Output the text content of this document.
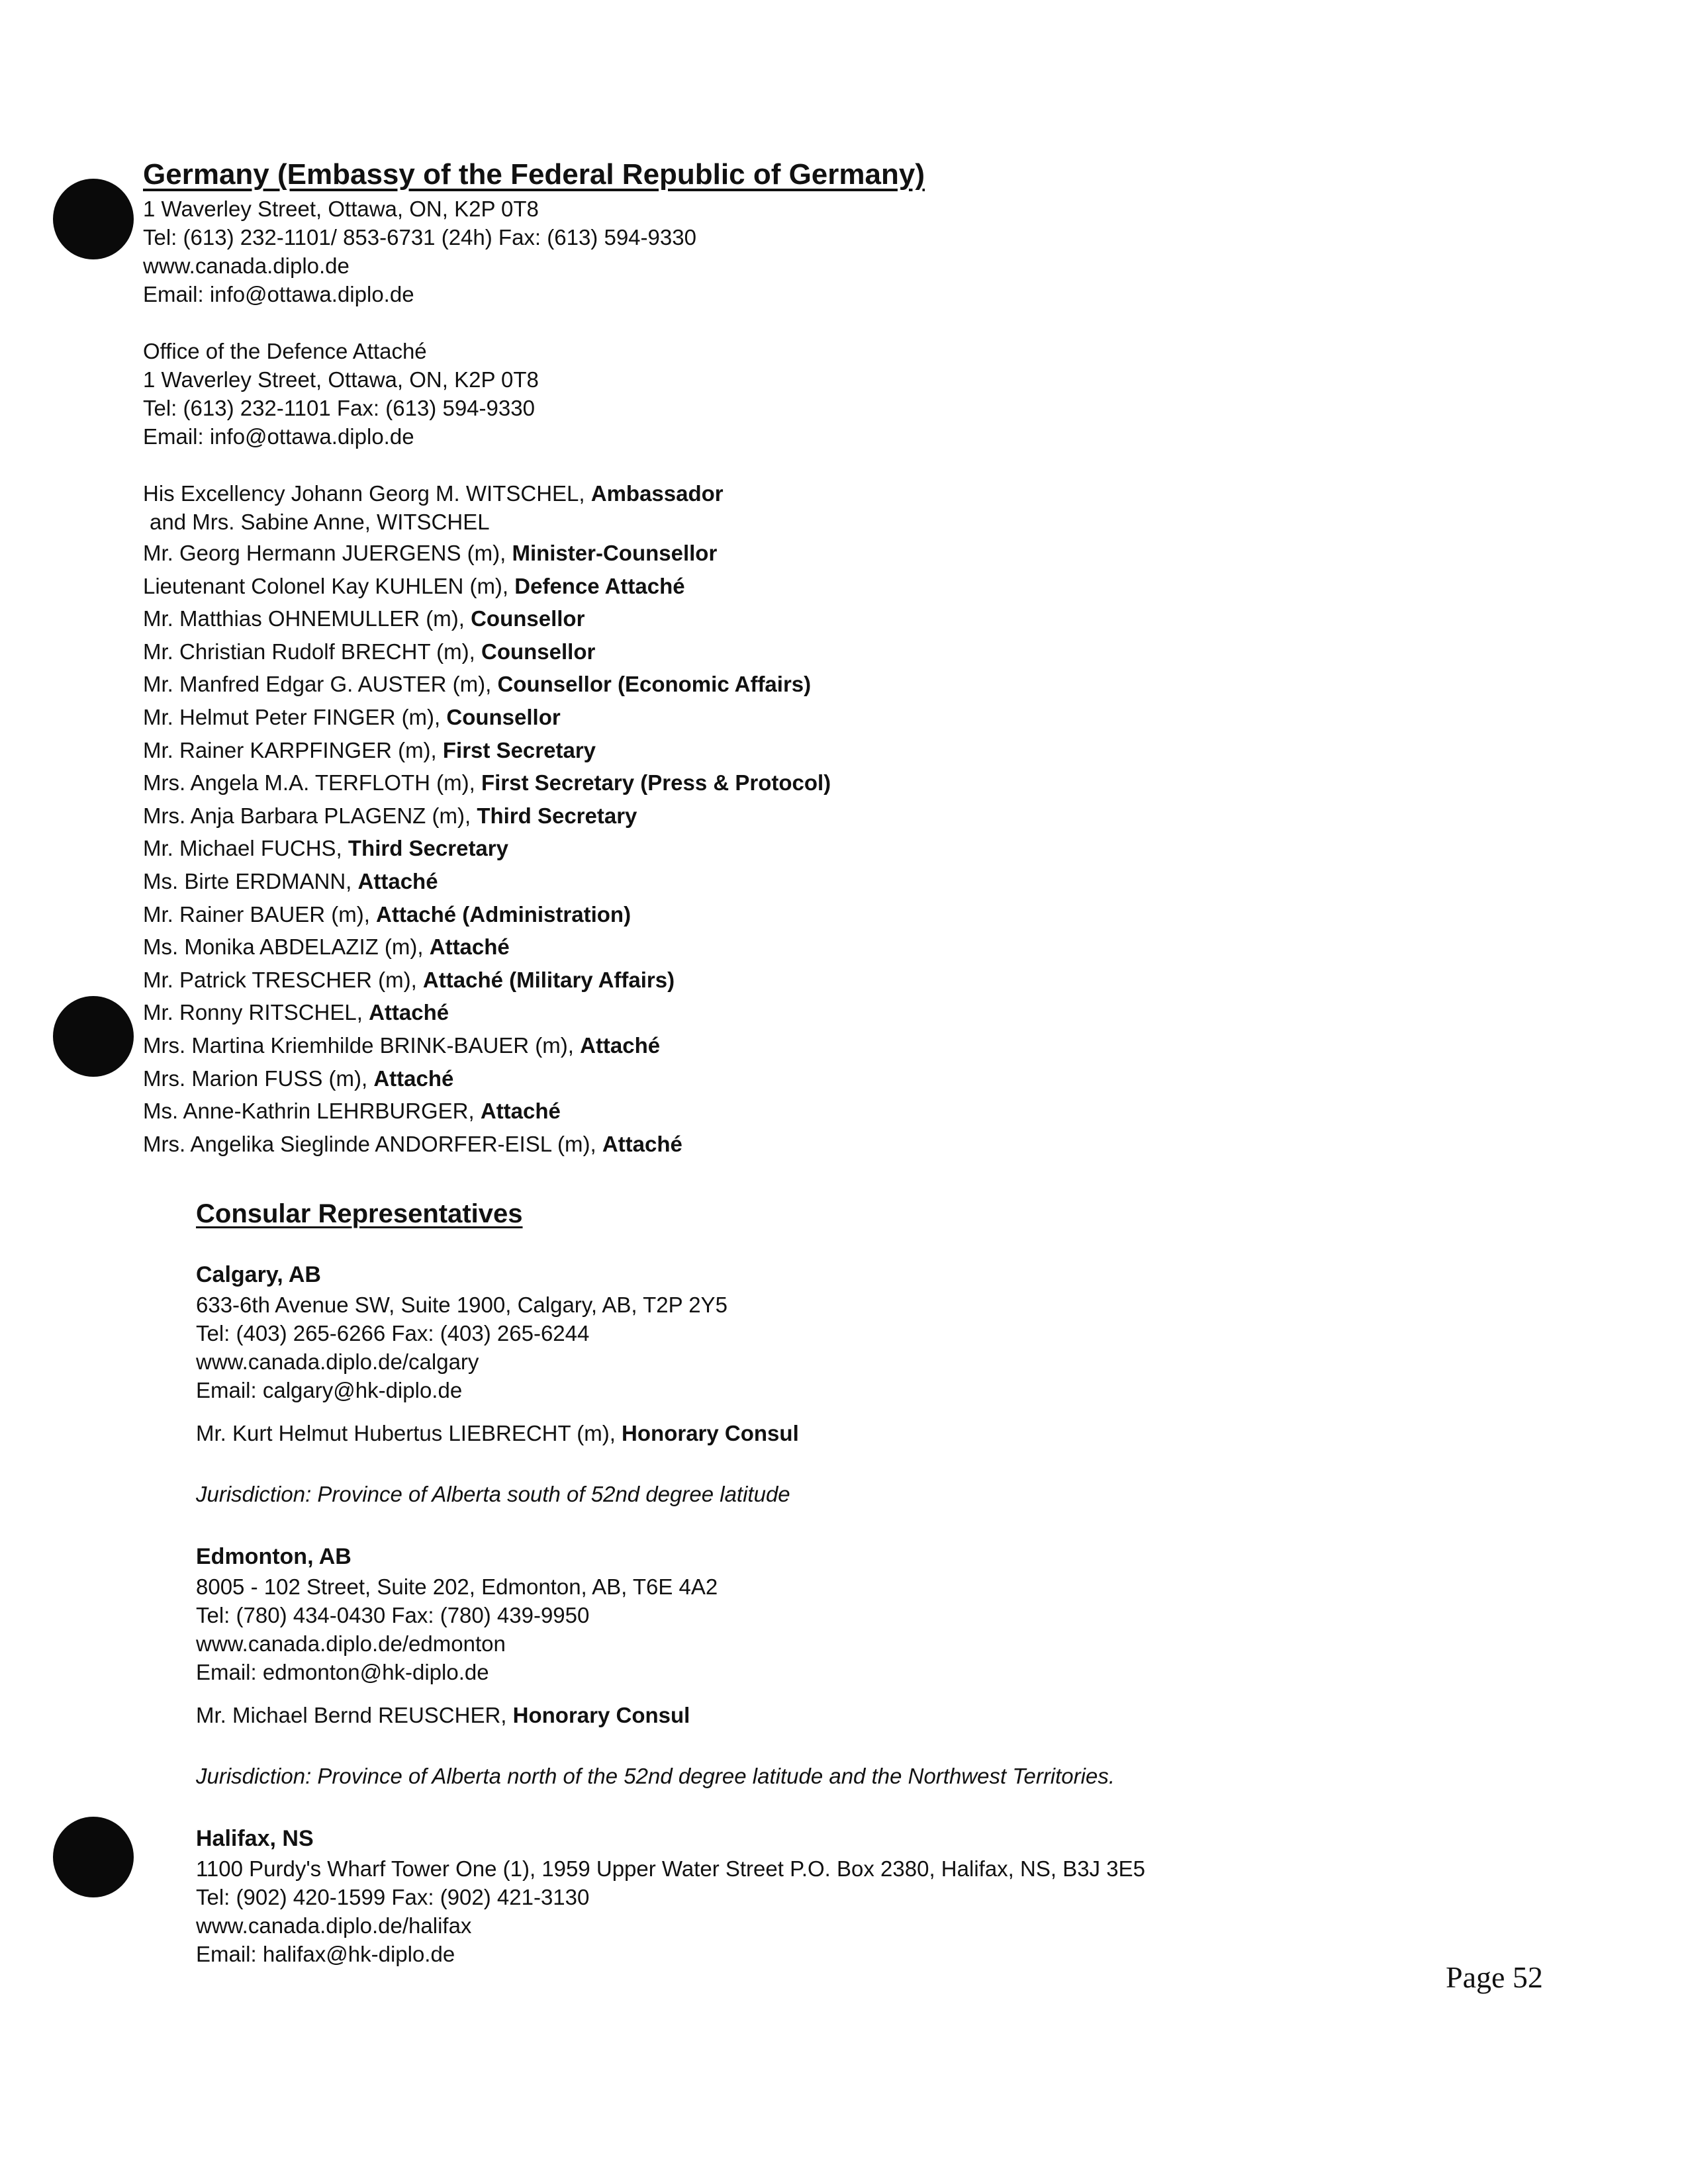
Germany (Embassy of the Federal Republic of Germany)
1 Waverley Street, Ottawa, ON, K2P 0T8
Tel: (613) 232-1101/ 853-6731 (24h) Fax: (613) 594-9330
www.canada.diplo.de
Email: info@ottawa.diplo.de
Office of the Defence Attaché
1 Waverley Street, Ottawa, ON, K2P 0T8
Tel: (613) 232-1101 Fax: (613) 594-9330
Email: info@ottawa.diplo.de
His Excellency Johann Georg M. WITSCHEL, Ambassador
and Mrs. Sabine Anne, WITSCHEL
Mr. Georg Hermann JUERGENS (m), Minister-Counsellor
Lieutenant Colonel Kay KUHLEN (m), Defence Attaché
Mr. Matthias OHNEMULLER (m), Counsellor
Mr. Christian Rudolf BRECHT (m), Counsellor
Mr. Manfred Edgar G. AUSTER (m), Counsellor (Economic Affairs)
Mr. Helmut Peter FINGER (m), Counsellor
Mr. Rainer KARPFINGER (m), First Secretary
Mrs. Angela M.A. TERFLOTH (m), First Secretary (Press & Protocol)
Mrs. Anja Barbara PLAGENZ (m), Third Secretary
Mr. Michael FUCHS, Third Secretary
Ms. Birte ERDMANN, Attaché
Mr. Rainer BAUER (m), Attaché (Administration)
Ms. Monika ABDELAZIZ (m), Attaché
Mr. Patrick TRESCHER (m), Attaché (Military Affairs)
Mr. Ronny RITSCHEL, Attaché
Mrs. Martina Kriemhilde BRINK-BAUER (m), Attaché
Mrs. Marion FUSS (m), Attaché
Ms. Anne-Kathrin LEHRBURGER, Attaché
Mrs. Angelika Sieglinde ANDORFER-EISL (m), Attaché
Consular Representatives
Calgary, AB
633-6th Avenue SW, Suite 1900, Calgary, AB, T2P 2Y5
Tel: (403) 265-6266 Fax: (403) 265-6244
www.canada.diplo.de/calgary
Email: calgary@hk-diplo.de
Mr. Kurt Helmut Hubertus LIEBRECHT (m), Honorary Consul
Jurisdiction: Province of Alberta south of 52nd degree latitude
Edmonton, AB
8005 - 102 Street, Suite 202, Edmonton, AB, T6E 4A2
Tel: (780) 434-0430 Fax: (780) 439-9950
www.canada.diplo.de/edmonton
Email: edmonton@hk-diplo.de
Mr. Michael Bernd REUSCHER, Honorary Consul
Jurisdiction: Province of Alberta north of the 52nd degree latitude and the Northwest Territories.
Halifax, NS
1100 Purdy's Wharf Tower One (1), 1959 Upper Water Street P.O. Box 2380, Halifax, NS, B3J 3E5
Tel: (902) 420-1599 Fax: (902) 421-3130
www.canada.diplo.de/halifax
Email: halifax@hk-diplo.de
Page 52
